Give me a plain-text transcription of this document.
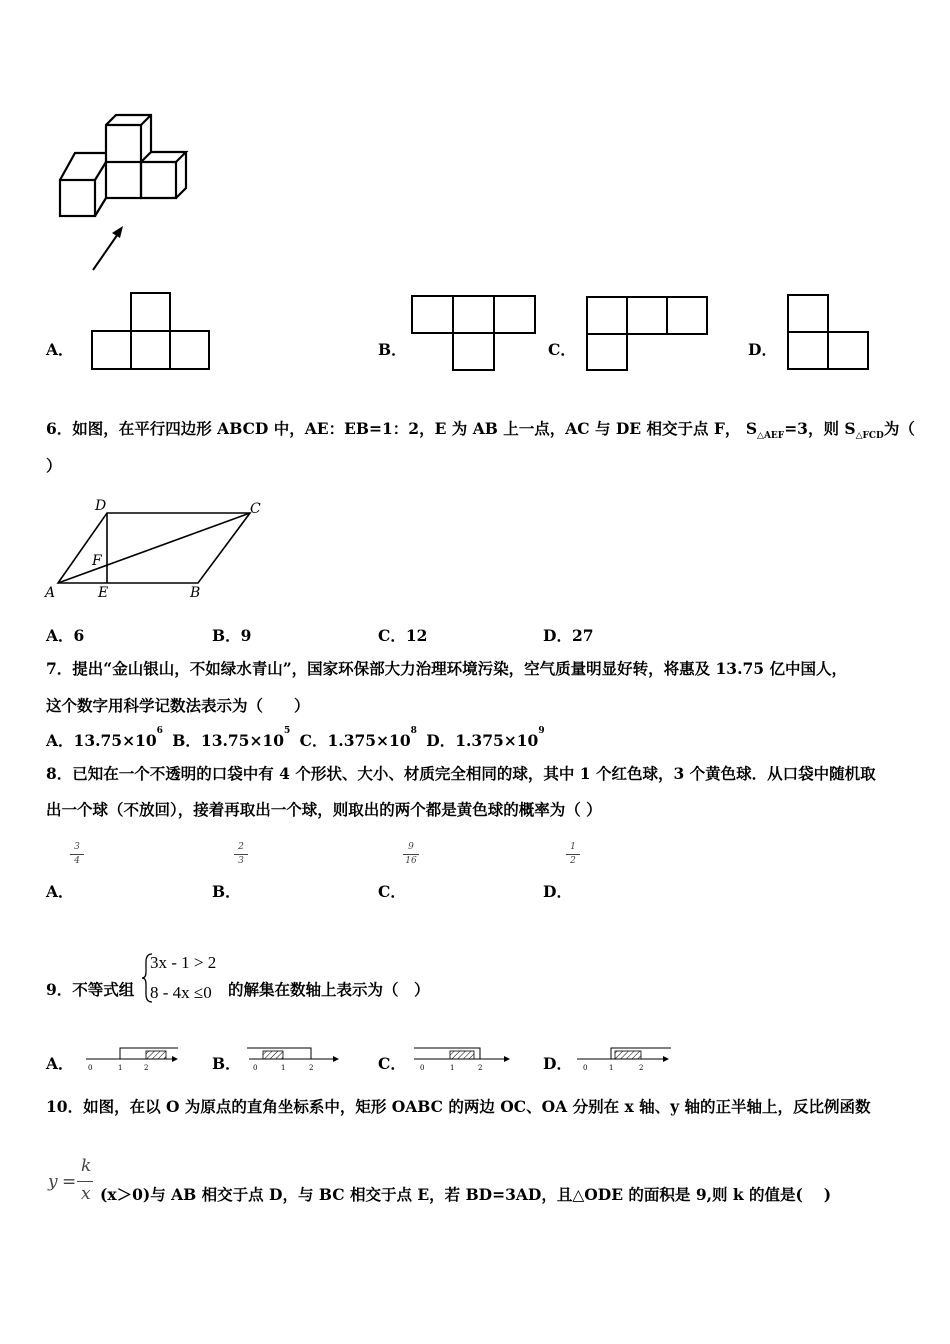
A．	B．	C．	D．
6．如图，在平行四边形 ABCD 中，AE：EB=1：2，E 为 AB 上一点，AC 与 DE 相交于点 F， $S_{\triangle AEF}=3$，则 $S_{\triangle FCD}$为（
）
A	E	B
D	C
F
A．6	B．9	C．12	D．27
7．提出“金山银山，不如绿水青山”，国家环保部大力治理环境污染，空气质量明显好转，将惠及 13.75 亿中国人，
这个数字用科学记数法表示为（　　）
A．$13.75\times 10^6$ B．$13.75\times 10^5$ C．$1.375\times 10^8$ D．$1.375\times 10^9$
8．已知在一个不透明的口袋中有 4 个形状、大小、材质完全相同的球，其中 1 个红色球，3 个黄色球．从口袋中随机取
出一个球（不放回），接着再取出一个球，则取出的两个都是黄色球的概率为（ ）
3
4
2
3
9
16
1
2
A．	B．	C．	D．
9．不等式组
3x - 1 > 2
8 - 4x ≤0 的解集在数轴上表示为（　）
A． 0	1	2	B． 0	1	2	C． 0	1	2	D． 0	1	2
10．如图，在以 O 为原点的直角坐标系中，矩形 OABC 的两边 OC、OA 分别在 x 轴、y 轴的正半轴上，反比例函数
y =
k
x (x＞0)与 AB 相交于点 D，与 BC 相交于点 E，若 BD=3AD，且△ODE 的面积是 9,则 k 的值是(　 )
